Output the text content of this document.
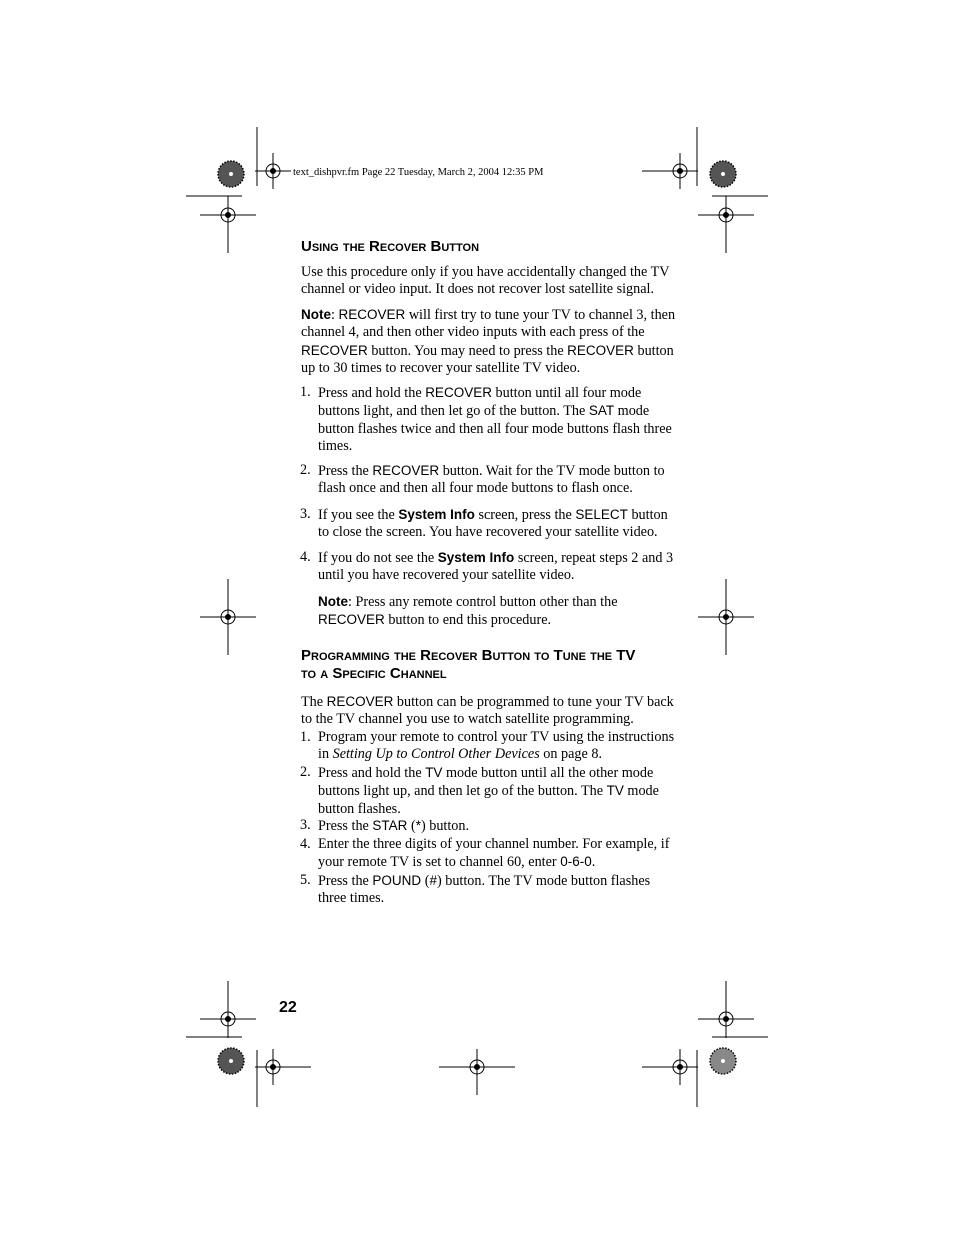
text_dishpvr.fm Page 22 Tuesday, March 2, 2004 12:35 PM
Using the Recover Button

Use this procedure only if you have accidentally changed the TV

channel or video input. It does not recover lost satellite signal.

Note: RECOVER will first try to tune your TV to channel 3, then

channel 4, and then other video inputs with each press of the

RECOVER button. You may need to press the RECOVER button

up to 30 times to recover your satellite TV video.

1. Press and hold the RECOVER button until all four mode

buttons light, and then let go of the button. The SAT mode

button flashes twice and then all four mode buttons flash three

times.

2. Press the RECOVER button. Wait for the TV mode button to

flash once and then all four mode buttons to flash once.

3. If you see the System Info screen, press the SELECT button

to close the screen. You have recovered your satellite video.

4. If you do not see the System Info screen, repeat steps 2 and 3

until you have recovered your satellite video.

Note: Press any remote control button other than the

RECOVER button to end this procedure.

Programming the Recover Button to Tune the TV
to a Specific Channel

The RECOVER button can be programmed to tune your TV back

to the TV channel you use to watch satellite programming.

1. Program your remote to control your TV using the instructions

in Setting Up to Control Other Devices on page 8.

2. Press and hold the TV mode button until all the other mode

buttons light up, and then let go of the button. The TV mode

button flashes.

3. Press the STAR (*) button.

4. Enter the three digits of your channel number. For example, if

your remote TV is set to channel 60, enter 0-6-0.

5. Press the POUND (#) button. The TV mode button flashes

three times.

22
